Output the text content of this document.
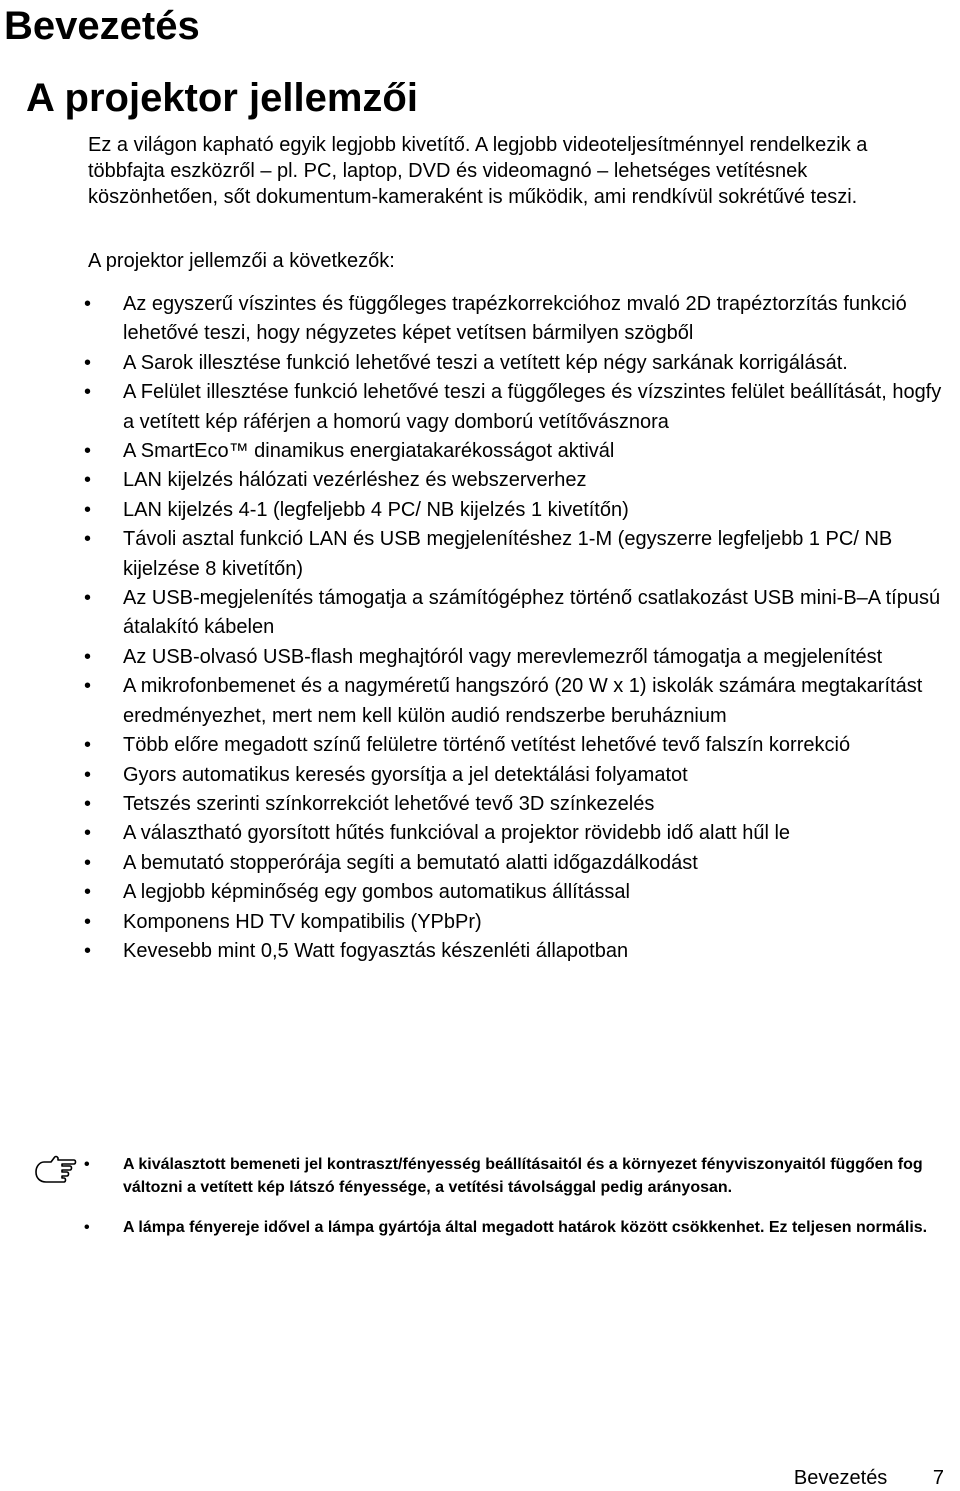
Bevezetés
A projektor jellemzői

Ez a világon kapható egyik legjobb kivetítő. A legjobb videoteljesítménnyel rendelkezik a többfajta eszközről – pl. PC, laptop, DVD és videomagnó – lehetséges vetítésnek köszönhetően, sőt dokumentum-kameraként is működik, ami rendkívül sokrétűvé teszi.

A projektor jellemzői a következők:

•	Az egyszerű víszintes és függőleges trapézkorrekcióhoz mvaló 2D trapéztorzítás funkció lehetővé teszi, hogy négyzetes képet vetítsen bármilyen szögből
•	A Sarok illesztése funkció lehetővé teszi a vetített kép négy sarkának korrigálását.
•	A Felület illesztése funkció lehetővé teszi a függőleges és vízszintes felület beállítását, hogfy a vetített kép ráférjen a homorú vagy domború vetítővásznora
•	A SmartEco™ dinamikus energiatakarékosságot aktivál
•	LAN kijelzés hálózati vezérléshez és webszerverhez
•	LAN kijelzés 4-1 (legfeljebb 4 PC/ NB kijelzés 1 kivetítőn)
•	Távoli asztal funkció LAN és USB megjelenítéshez 1-M (egyszerre legfeljebb 1 PC/ NB kijelzése 8 kivetítőn)
•	Az USB-megjelenítés támogatja a számítógéphez történő csatlakozást USB mini-B–A típusú átalakító kábelen
•	Az USB-olvasó USB-flash meghajtóról vagy merevlemezről támogatja a megjelenítést
•	A mikrofonbemenet és a nagyméretű hangszóró (20 W x 1) iskolák számára megtakarítást eredményezhet, mert nem kell külön audió rendszerbe beruháznium
•	Több előre megadott színű felületre történő vetítést lehetővé tevő falszín korrekció
•	Gyors automatikus keresés gyorsítja a jel detektálási folyamatot
•	Tetszés szerinti színkorrekciót lehetővé tevő 3D színkezelés
•	A választható gyorsított hűtés funkcióval a projektor rövidebb idő alatt hűl le
•	A bemutató stopperórája segíti a bemutató alatti időgazdálkodást
•	A legjobb képminőség egy gombos automatikus állítással
•	Komponens HD TV kompatibilis (YPbPr)
•	Kevesebb mint 0,5 Watt fogyasztás készenléti állapotban
•	A kiválasztott bemeneti jel kontraszt/fényesség beállításaitól és a környezet fényviszonyaitól függően fog változni a vetített kép látszó fényessége, a vetítési távolsággal pedig arányosan.
•	A lámpa fényereje idővel a lámpa gyártója által megadott határok között csökkenhet. Ez teljesen normális.
Bevezetés 7
